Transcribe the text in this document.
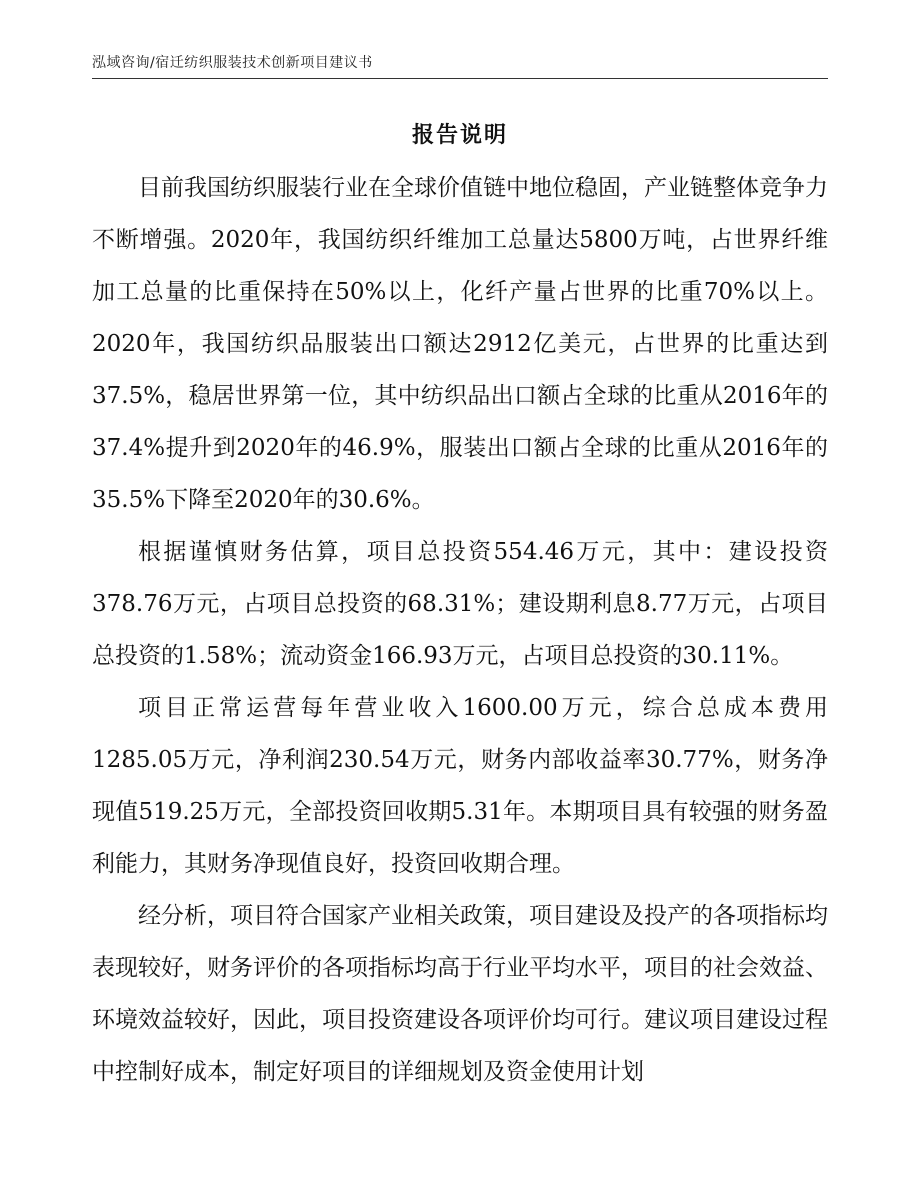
泓域咨询/宿迁纺织服装技术创新项目建议书
报告说明
目前我国纺织服装行业在全球价值链中地位稳固，产业链整体竞争力不断增强。2020年，我国纺织纤维加工总量达5800万吨，占世界纤维加工总量的比重保持在50%以上，化纤产量占世界的比重70%以上。2020年，我国纺织品服装出口额达2912亿美元，占世界的比重达到37.5%，稳居世界第一位，其中纺织品出口额占全球的比重从2016年的37.4%提升到2020年的46.9%，服装出口额占全球的比重从2016年的35.5%下降至2020年的30.6%。
根据谨慎财务估算，项目总投资554.46万元，其中：建设投资378.76万元，占项目总投资的68.31%；建设期利息8.77万元，占项目总投资的1.58%；流动资金166.93万元，占项目总投资的30.11%。
项目正常运营每年营业收入1600.00万元，综合总成本费用1285.05万元，净利润230.54万元，财务内部收益率30.77%，财务净现值519.25万元，全部投资回收期5.31年。本期项目具有较强的财务盈利能力，其财务净现值良好，投资回收期合理。
经分析，项目符合国家产业相关政策，项目建设及投产的各项指标均表现较好，财务评价的各项指标均高于行业平均水平，项目的社会效益、环境效益较好，因此，项目投资建设各项评价均可行。建议项目建设过程中控制好成本，制定好项目的详细规划及资金使用计划
